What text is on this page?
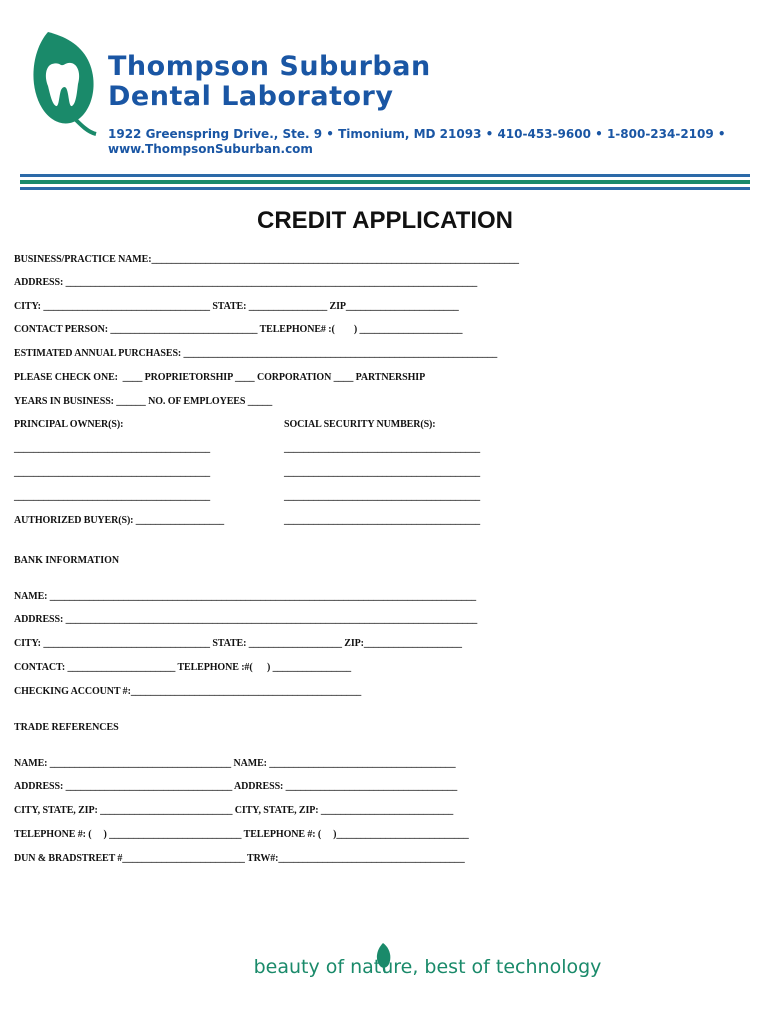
Thompson Suburban
Dental Laboratory
1922 Greenspring Drive., Ste. 9 • Timonium, MD 21093 • 410-453-9600 • 1-800-234-2109 •
www.ThompsonSuburban.com
CREDIT APPLICATION
BUSINESS/PRACTICE NAME:___________________________________________________________________________
ADDRESS: ____________________________________________________________________________________
CITY: __________________________________ STATE: ________________ ZIP_______________________
CONTACT PERSON: ______________________________ TELEPHONE# :(        ) _____________________
ESTIMATED ANNUAL PURCHASES: ________________________________________________________________
PLEASE CHECK ONE:  ____ PROPRIETORSHIP ____ CORPORATION ____ PARTNERSHIP
YEARS IN BUSINESS: ______ NO. OF EMPLOYEES _____
PRINCIPAL OWNER(S):	SOCIAL SECURITY NUMBER(S):
________________________________________	________________________________________
________________________________________	________________________________________
________________________________________	________________________________________
AUTHORIZED BUYER(S): __________________	________________________________________
BANK INFORMATION
NAME: _______________________________________________________________________________________
ADDRESS: ____________________________________________________________________________________
CITY: __________________________________ STATE: ___________________ ZIP:____________________
CONTACT: ______________________ TELEPHONE :#(      ) ________________
CHECKING ACCOUNT #:_______________________________________________
TRADE REFERENCES
NAME: _____________________________________ NAME: ______________________________________
ADDRESS: __________________________________ ADDRESS: ___________________________________
CITY, STATE, ZIP: ___________________________ CITY, STATE, ZIP: ___________________________
TELEPHONE #: (     ) ___________________________ TELEPHONE #: (     )___________________________
DUN & BRADSTREET #_________________________ TRW#:______________________________________
beauty of nature, best of technology
